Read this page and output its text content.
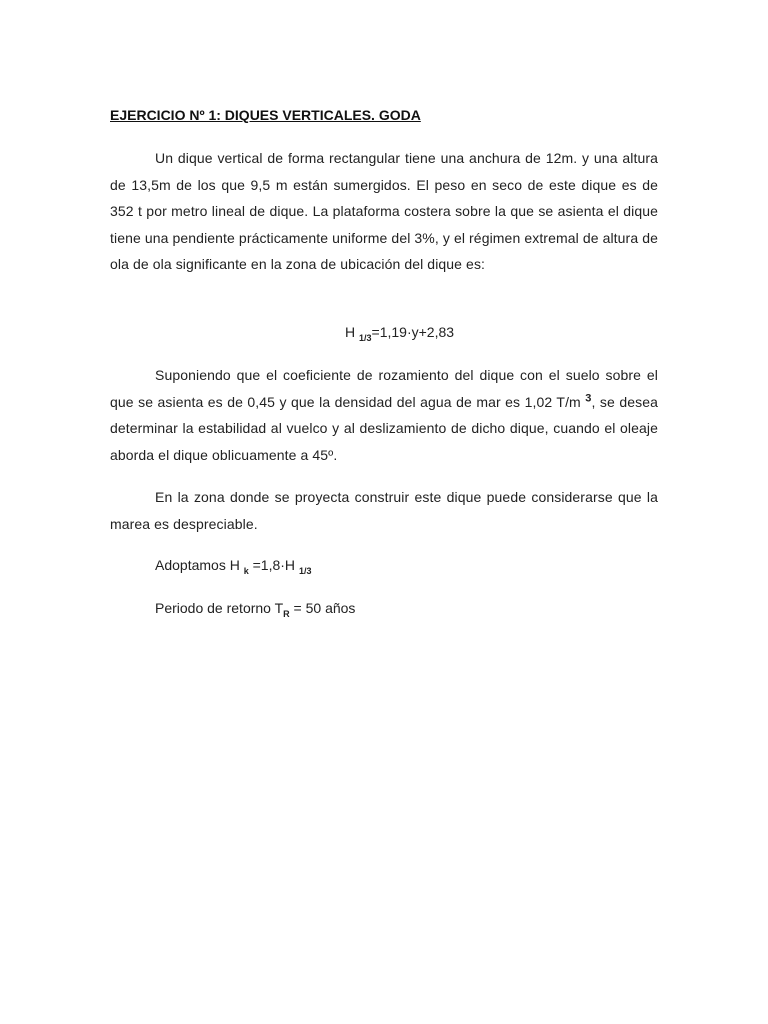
EJERCICIO Nº 1: DIQUES VERTICALES. GODA

Un dique vertical de forma rectangular tiene una anchura de 12m. y una altura de 13,5m de los que 9,5 m están sumergidos. El peso en seco de este dique es de 352 t por metro lineal de dique. La plataforma costera sobre la que se asienta el dique tiene una pendiente prácticamente uniforme del 3%, y el régimen extremal de altura de ola de ola significante en la zona de ubicación del dique es:

H $_{1/3}$=1,19·y+2,83

Suponiendo que el coeficiente de rozamiento del dique con el suelo sobre el que se asienta es de 0,45 y que la densidad del agua de mar es 1,02 T/m $^3$, se desea determinar la estabilidad al vuelco y al deslizamiento de dicho dique, cuando el oleaje aborda el dique oblicuamente a 45º.

En la zona donde se proyecta construir este dique puede considerarse que la marea es despreciable.

Adoptamos H $_k$ =1,8·H $_{1/3}$

Periodo de retorno $T_R = 50$ años
